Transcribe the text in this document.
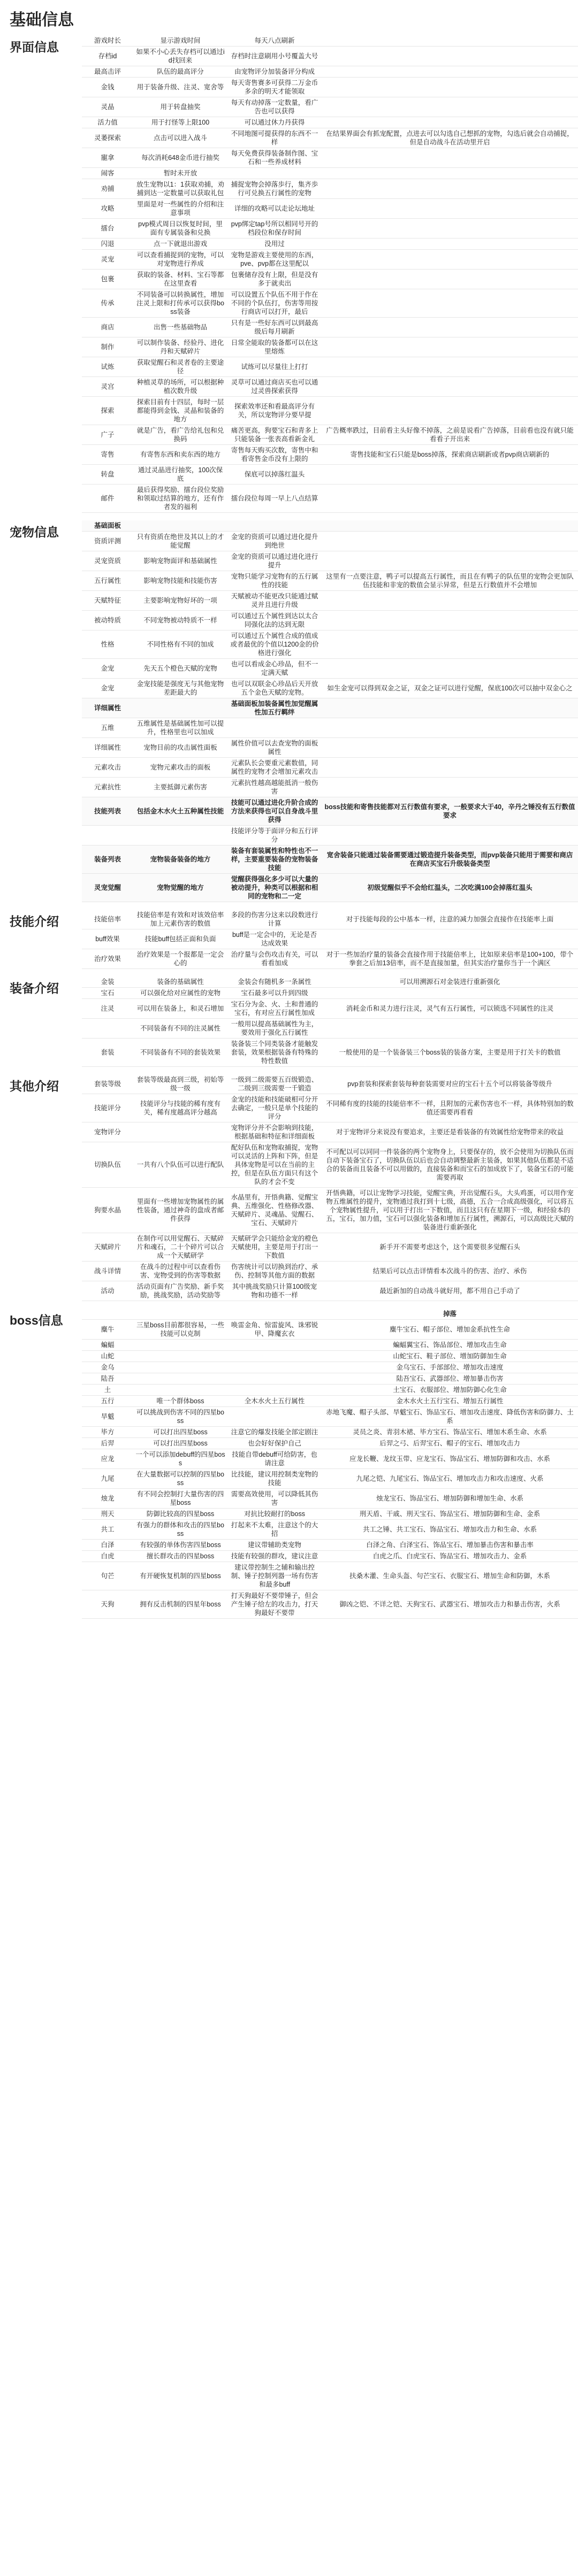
基础信息
界面信息	游戏时长	显示游戏时间	每天八点刷新	
存档id	如果不小心丢失存档可以通过id找回来	存档时注意刷用小号覆盖大号	
最高击评	队伍的最高评分	由宠物评分加装备评分构成	
金钱	用于装备升级、注灵、宽舍等	每天寄售赛多可获得二万金币多余的明天才能领取	
灵晶	用于转盘抽奖	每天有动掉落一定数量，看广告也可以获得	
活力值	用于打怪等上限100	可以通过休力丹获得	
灵萎探索	点击可以进入战斗	不同地图可提获得的东西不一样	在结果界面会有抓宠配置，点进去可以勾选自己想抓的宠物，勾选后就会自动捕捉，但是自动战斗在活动里开启
寵拿	每次消耗648金币进行抽奖	每天免费获得装备制作图、宝石和一些养成材料	
闹客	暂时未开放		
劝捕	放生宠物以1：1获取劝捕，劝捕到达一定数量可以获取礼包	捕捉宠物会掉落歩行，集齐歩行可兑换五行属性的宠物	
攻略	里面是对一些属性的介绍和注意事项	详细的攻略可以走论坛地址	
擂台	pvp模式周日以恢复时间，里面有专属装备和兑换	pvp绑定tap号所以相同号开的档段位和保存时间	
闪退	点一下就退出游戏	没用过	
灵宠	可以查看捕捉到的宠物，可以对宠物进行养成	宠物是游戏主要使用的东西，pve、pvp都在这里配以	
包裹	获取的装备、材料、宝石等都在这里查看	包裹储存没有上限，但是没有多于就卖出	
传承	不同装备可以转换属性，增加注灵上限和打传承可以获得boss装备	可以设置五个队伍不用于作在不同的个队伍打，伤害等用按行商店可以打开，最后	
商店	出售一些基础物品	只有是一些好东西可以到最高级后每月刷新	
制作	可以制作装备、经验丹、进化丹和天赋碎片	日常全能取的装备都可以在这里熔炼	
试炼	获取觉醒石和灵者卷的主要途径	试练可以尽量往上打打	
灵宫	种植灵草的场所，可以根据种植次数升级	灵草可以通过商店买也可以通过灵兽探索获得	
探索	探索目前有十四层，每时一层都能得到金钱、灵晶和装备的地方	探索效率还和看最高评分有关，所以宠物评分要早提	
广子	就是广告，看广告给礼包和兑换码	痛苦更高，狗要宝石和青多上只能装备一张表高看新金礼	广告概率跌过，目前看主头好像不掉落，之前是说看广告掉落，目前看也没有就只能看看子开出来
寄售	有寄售东西和卖东西的地方	寄售每天购买次数，寄售中和看寄售金币没有上限的	寄售技能和宝石只能是boss掉落，探索商店刷新或者pvp商店刷新的
转盘	通过灵晶进行抽奖，100次保底	保底可以掉落红温头	
邮件	最后获得奖励、擂台段位奖励和领取过结算的地方，还有作者发的福利	擂台段位每周一早上八点结算	
宠物信息	基础面板			
资质评测	只有资质在绝世及其以上的才能觉醒	金宠的资质可以通过进化提升到绝世	
灵宠资质	影响宠物面评和基础属性	金宠的资质可以通过进化进行提升	
五行属性	影响宠物技能和技能伤害	宠物只能学习宠物有的五行属性的技能	这里有一点要注意，鸭子可以提高五行属性，而且在有鸭子的队伍里的宠物会更加队伍技能和非宠的数值会显示异常，但是五行数值并不会增加
天赋特征	主要影响宠物好坏的一项	天赋被动不能更改只能通过赋灵并且进行升级	
被动特质	不同宠物被动特质不一样	可以通过五个属性到达以太合同强化法的达到无限	
性格	不同性格有不同的加成	可以通过五个属性合成的值成或者最优的个值以1200金的价格进行强化	
金宠	先天五个橙色天赋的宠物	也可以看成金心珍品，但不一定满天赋	
金宠	金宠技能是强度无与其他宠物差距最大的	也可以双联金心珍品后天开放五个金色天赋的宠物。	如生金宠可以得到双金之证，双金之证可以进行觉醒，保底100次可以抽中双金心之
详细属性		基础面板加装备属性加觉醒属性加五行羁绊	
五维	五维属性是基础属性加可以提升，性格里也可以加成		
详细属性	宠物目前的攻击属性面板	属性价值可以去查宠物的面板属性	
元素攻击	宠物元素攻击的面板	元素队长会要重元素数值，同属性的宠物才会增加元素攻击	
元素抗性	主要抵御元素伤害	元素抗性越高越能抵消一般伤害	
技能列表	包括金木水火土五种属性技能	技能可以通过进化升阶合成的方法来获得也可以自身战斗里获得	boss技能和寄售技能都对五行数值有要求，一般要求大于40，辛丹之锤没有五行数值要求
		技能评分等于面评分和五行评分	
装备列表	宠物装备装备的地方	装备有套装属性和特性也不一样，主要重要装备的宠物装备技能	宽舍装备只能通过装备需要通过锻造提升装备类型，而pvp装备只能用于需要和商店在商店买宝石升级装备类型
灵宠觉醒	宠物觉醒的地方	觉醒获得强化多少可以大量的被动提升，种类可以根据和相同的宠物和二一定	初级觉醒似乎不会给红温头，二次吃满100会掉落红温头
技能介绍	技能倍率	技能倍率是有效和对该效倍率加上元素伤害的数值	多段的伤害分这来以段数进行计算	对于技能每段的公中基本一样，注意的减力加强会直接作在技能率上面
buff效果	技能buff包括正面和负面	buff是一定会中的，无论是否达成效果	
治疗效果	治疗效果是一个报都是一定会心的	治疗量与会伤攻击有关，可以看看加成	对于一些加治疗量的装备会直接作用于技能倍率上，比如原来倍率是100+100，带个拳套之后加13倍率，而不是直接加量，但其实治疗量你当于一个满区
装备介绍	金装	装备的基础属性	金装会有随机多一条属性	可以用溯源石对金装进行重新强化
宝石	可以强化给对应属性的宠物	宝石最多可以升到四级	
注灵	可以用在装备上，和灵石增加	宝石分为金、火、土和普通的宝石，有对应五行属性加成	消耗金币和灵力进行注灵，灵气有五行属性，可以锁选不同属性的注灵
	不同装备有不同的注灵属性	一般用以提高基础属性为主，要效用于强化五行属性	
套装	不同装备有不同的套装效果	装备装三个同类装备才能触发套装，效果根据装备有特殊的特性数值	一般使用的是一个装备装三个boss装的装备方案，主要是用于打关卡的数值
其他介绍	套装等级	套装等级最高到三级，初始等级一级	一级到二级需要五百级锻造、二级到三级需要一千锻造	pvp套装和探索套装每种套装需要对应的宝石十五个可以将装备等级升
技能评分	技能评分与技能的稀有度有关，稀有度越高评分越高	金宠的技能和技能破相可分开去确定，一般只是单个技能的评分	不同稀有度的技能的技能倍率不一样，且附加的元素伤害也不一样，具体特别加的数值还需要再看看
宠物评分		宠物评分并不会影响到技能，根据基础和特征和详细面板	对于宠物评分来说没有要追求，主要还是看装备的有效属性给宠物带来的收益
切换队伍	一共有八个队伍可以进行配队	配好队伍和宠物取捕捉，宠物可以灵活的上阵和下阵，但是具体宠物是可以在当前的主控，但是在队伍方面只有这个队的才会不变	不可配以可以同同一件装备的两个宠物身上，只要保存的，放不会使用为切换队伍而自动下装备宝石了，切换队伍以后也会自动调整最新主装备，如果其他队伍都是不适合的装备而且装备不可以用做的，直接装备和而宝石的加成放下了，装备宝石的可能需要再取
狗要水晶	里面有一些增加宠物属性的属性装备，通过神奇的盘成者邮件获得	水晶里有，开悟典籍、觉醒宝典、五维强化、性格修改器、天赋碎片、灵魂晶、觉醒石、宝石、天赋碎片	开悟典籍，可以让宠物学习技能，觉醒宝典，开出觉醒石头，大头鸡蛋，可以用作宠物五维属性的提升，宠物通过我打到十七级，高德，五合一合成高级强化，可以将五个宠物属性提升，可以用于打出一下数值，而且这只有在星期下一级，和经验本的五，宝石，加力值，宝石可以强化装备和增加五行属性，溯源石，可以高级比天赋的装备进行重新强化
天赋碎片	在制作可以用觉醒石、天赋碎片和魂石，二十个碎片可以合成一个天赋研学	天赋研学会只能给金宠的橙色天赋使用，主要是用于打出一下数值	新手开不需要考虑这个，这个需要很多觉醒石头
战斗详情	在战斗的过程中可以查看伤害、宠物受到的伤害等数据	伤害统计可以切换到治疗、承伤、控制等其他方面的数据	结果后可以点击详情看本次战斗的伤害、治疗、承伤
活动	活动页面有广告奖励、新手奖励，挑战奖励，活动奖励等	其中挑战奖励只计算100级宠物和功德不一样	最近新加的自动战斗就好用，都不用自己手动了
boss信息
				掉落
麋牛	三星boss目前都很容易，一些技能可以克制	唤雷金角、惊雷旋风、诛邪锐甲、降魔玄衣	麋牛宝石、帽子部位、增加金系抗性生命
蝙蝠			蝙蝠翼宝石、饰品部位、增加攻击生命
山蛇			山蛇宝石、鞋子部位、增加防御加生命
金乌			金乌宝石、手部部位、增加攻击速度
陆吾			陆吾宝石、武器部位、增加暴击伤害
土			土宝石、衣服部位、增加防御心化生命
五行	唯一个群体boss	全木水火土五行属性	金木水火土五行宝石、增加五行属性
旱魃	可以挑战到伤害不同的四星boss		赤地飞魔、帽子头部、旱魃宝石、饰品宝石、增加攻击速度、降低伤害和防御力、土系
毕方	可以打出四星boss	注意它的爆发技能全部定剧注	灵员之炎、青羽木裙、毕方宝石、饰品宝石、增加木系生命、水系
后羿	可以打出四星boss	也会好好保护自己	后羿之弓、后羿宝石、帽子的宝石、增加攻击力
应龙	一个可以添加debuff的四星boss	技能自带debuff可给防害，也请注意	应龙长鞭、龙纹玉带、应龙宝石、饰品宝石、增加防御和攻击、水系
九尾	在大量数据可以控制的四星boss	比技能，建议用控制类宠物的技能	九尾之铠、九尾宝石、饰品宝石、增加攻击力和攻击速度、火系
烛龙	有不同会控制打大量伤害的四星boss	需要高效使用，可以降低其伤害	烛龙宝石、饰品宝石、增加防御和增加生命、水系
刑天	防御比较高的四星boss	对抗比较耐打的boss	刑天盾、干戚、刑天宝石、饰品宝石、增加防御和生命、金系
共工	有强力的群体和攻击的四星boss	打起来不太难，注意这个的大招	共工之锤、共工宝石、饰品宝石、增加攻击力和生命、水系
白泽	有较强的单体伤害四星boss	建议带辅助类宠物	白泽之角、白泽宝石、饰品宝石、增加暴击伤害和暴击率
白虎	擅长群攻击的四星boss	技能有较强的群攻，建议注意	白虎之爪、白虎宝石、饰品宝石、增加攻击力、金系
句芒	有开硬恢复机制的四星boss	建议带控制生之辅和输出控制、锤子控制列器一场有伤害和最多buff	扶桑木灌、生命头盔、句芒宝石、衣服宝石、增加生命和防御，木系
天狗	拥有反击机制的四星年boss	打天狗最好不要带锤子，但会产生锤子给左的攻击力，打天狗最好不要带	御凶之铠、不详之铠、天狗宝石、武器宝石、增加攻击力和暴击伤害，火系
